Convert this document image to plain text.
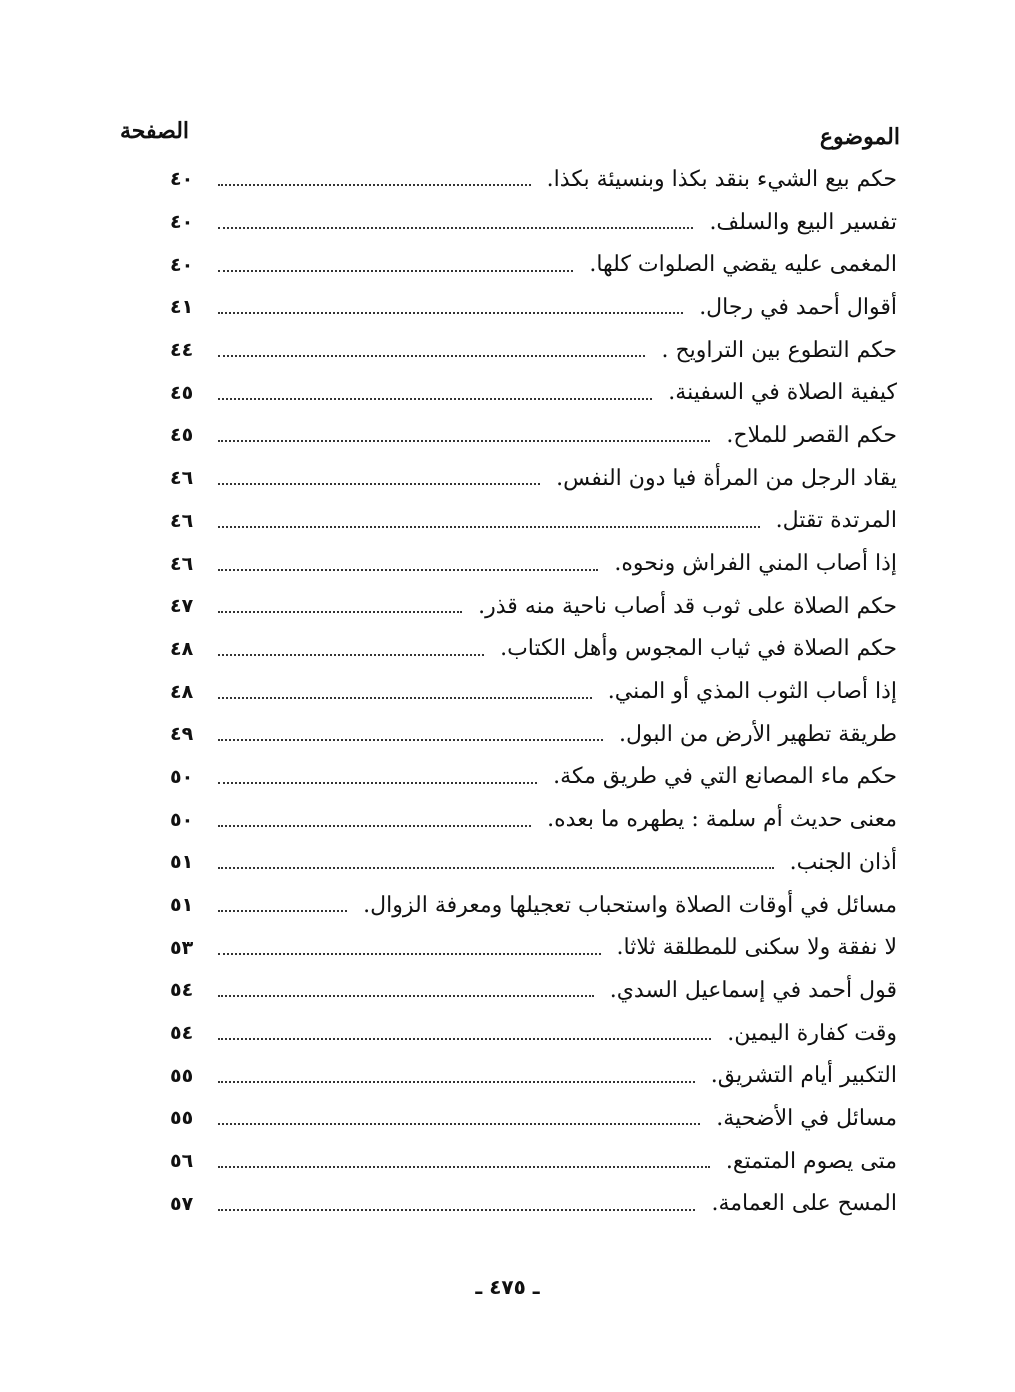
الموضوع
الصفحة
حكم بيع الشيء بنقد بكذا وبنسيئة بكذا.
٤٠
تفسير البيع والسلف.
٤٠
المغمى عليه يقضي الصلوات كلها.
٤٠
أقوال أحمد في رجال.
٤١
حكم التطوع بين التراويح .
٤٤
كيفية الصلاة في السفينة.
٤٥
حكم القصر للملاح.
٤٥
يقاد الرجل من المرأة فيا دون النفس.
٤٦
المرتدة تقتل.
٤٦
إذا أصاب المني الفراش ونحوه.
٤٦
حكم الصلاة على ثوب قد أصاب ناحية منه قذر.
٤٧
حكم الصلاة في ثياب المجوس وأهل الكتاب.
٤٨
إذا أصاب الثوب المذي أو المني.
٤٨
طريقة تطهير الأرض من البول.
٤٩
حكم ماء المصانع التي في طريق مكة.
٥٠
معنى حديث أم سلمة : يطهره ما بعده.
٥٠
أذان الجنب.
٥١
مسائل في أوقات الصلاة واستحباب تعجيلها ومعرفة الزوال.
٥١
لا نفقة ولا سكنى للمطلقة ثلاثا.
٥٣
قول أحمد في إسماعيل السدي.
٥٤
وقت كفارة اليمين.
٥٤
التكبير أيام التشريق.
٥٥
مسائل في الأضحية.
٥٥
متى يصوم المتمتع.
٥٦
المسح على العمامة.
٥٧
ـ ٤٧٥ ـ
